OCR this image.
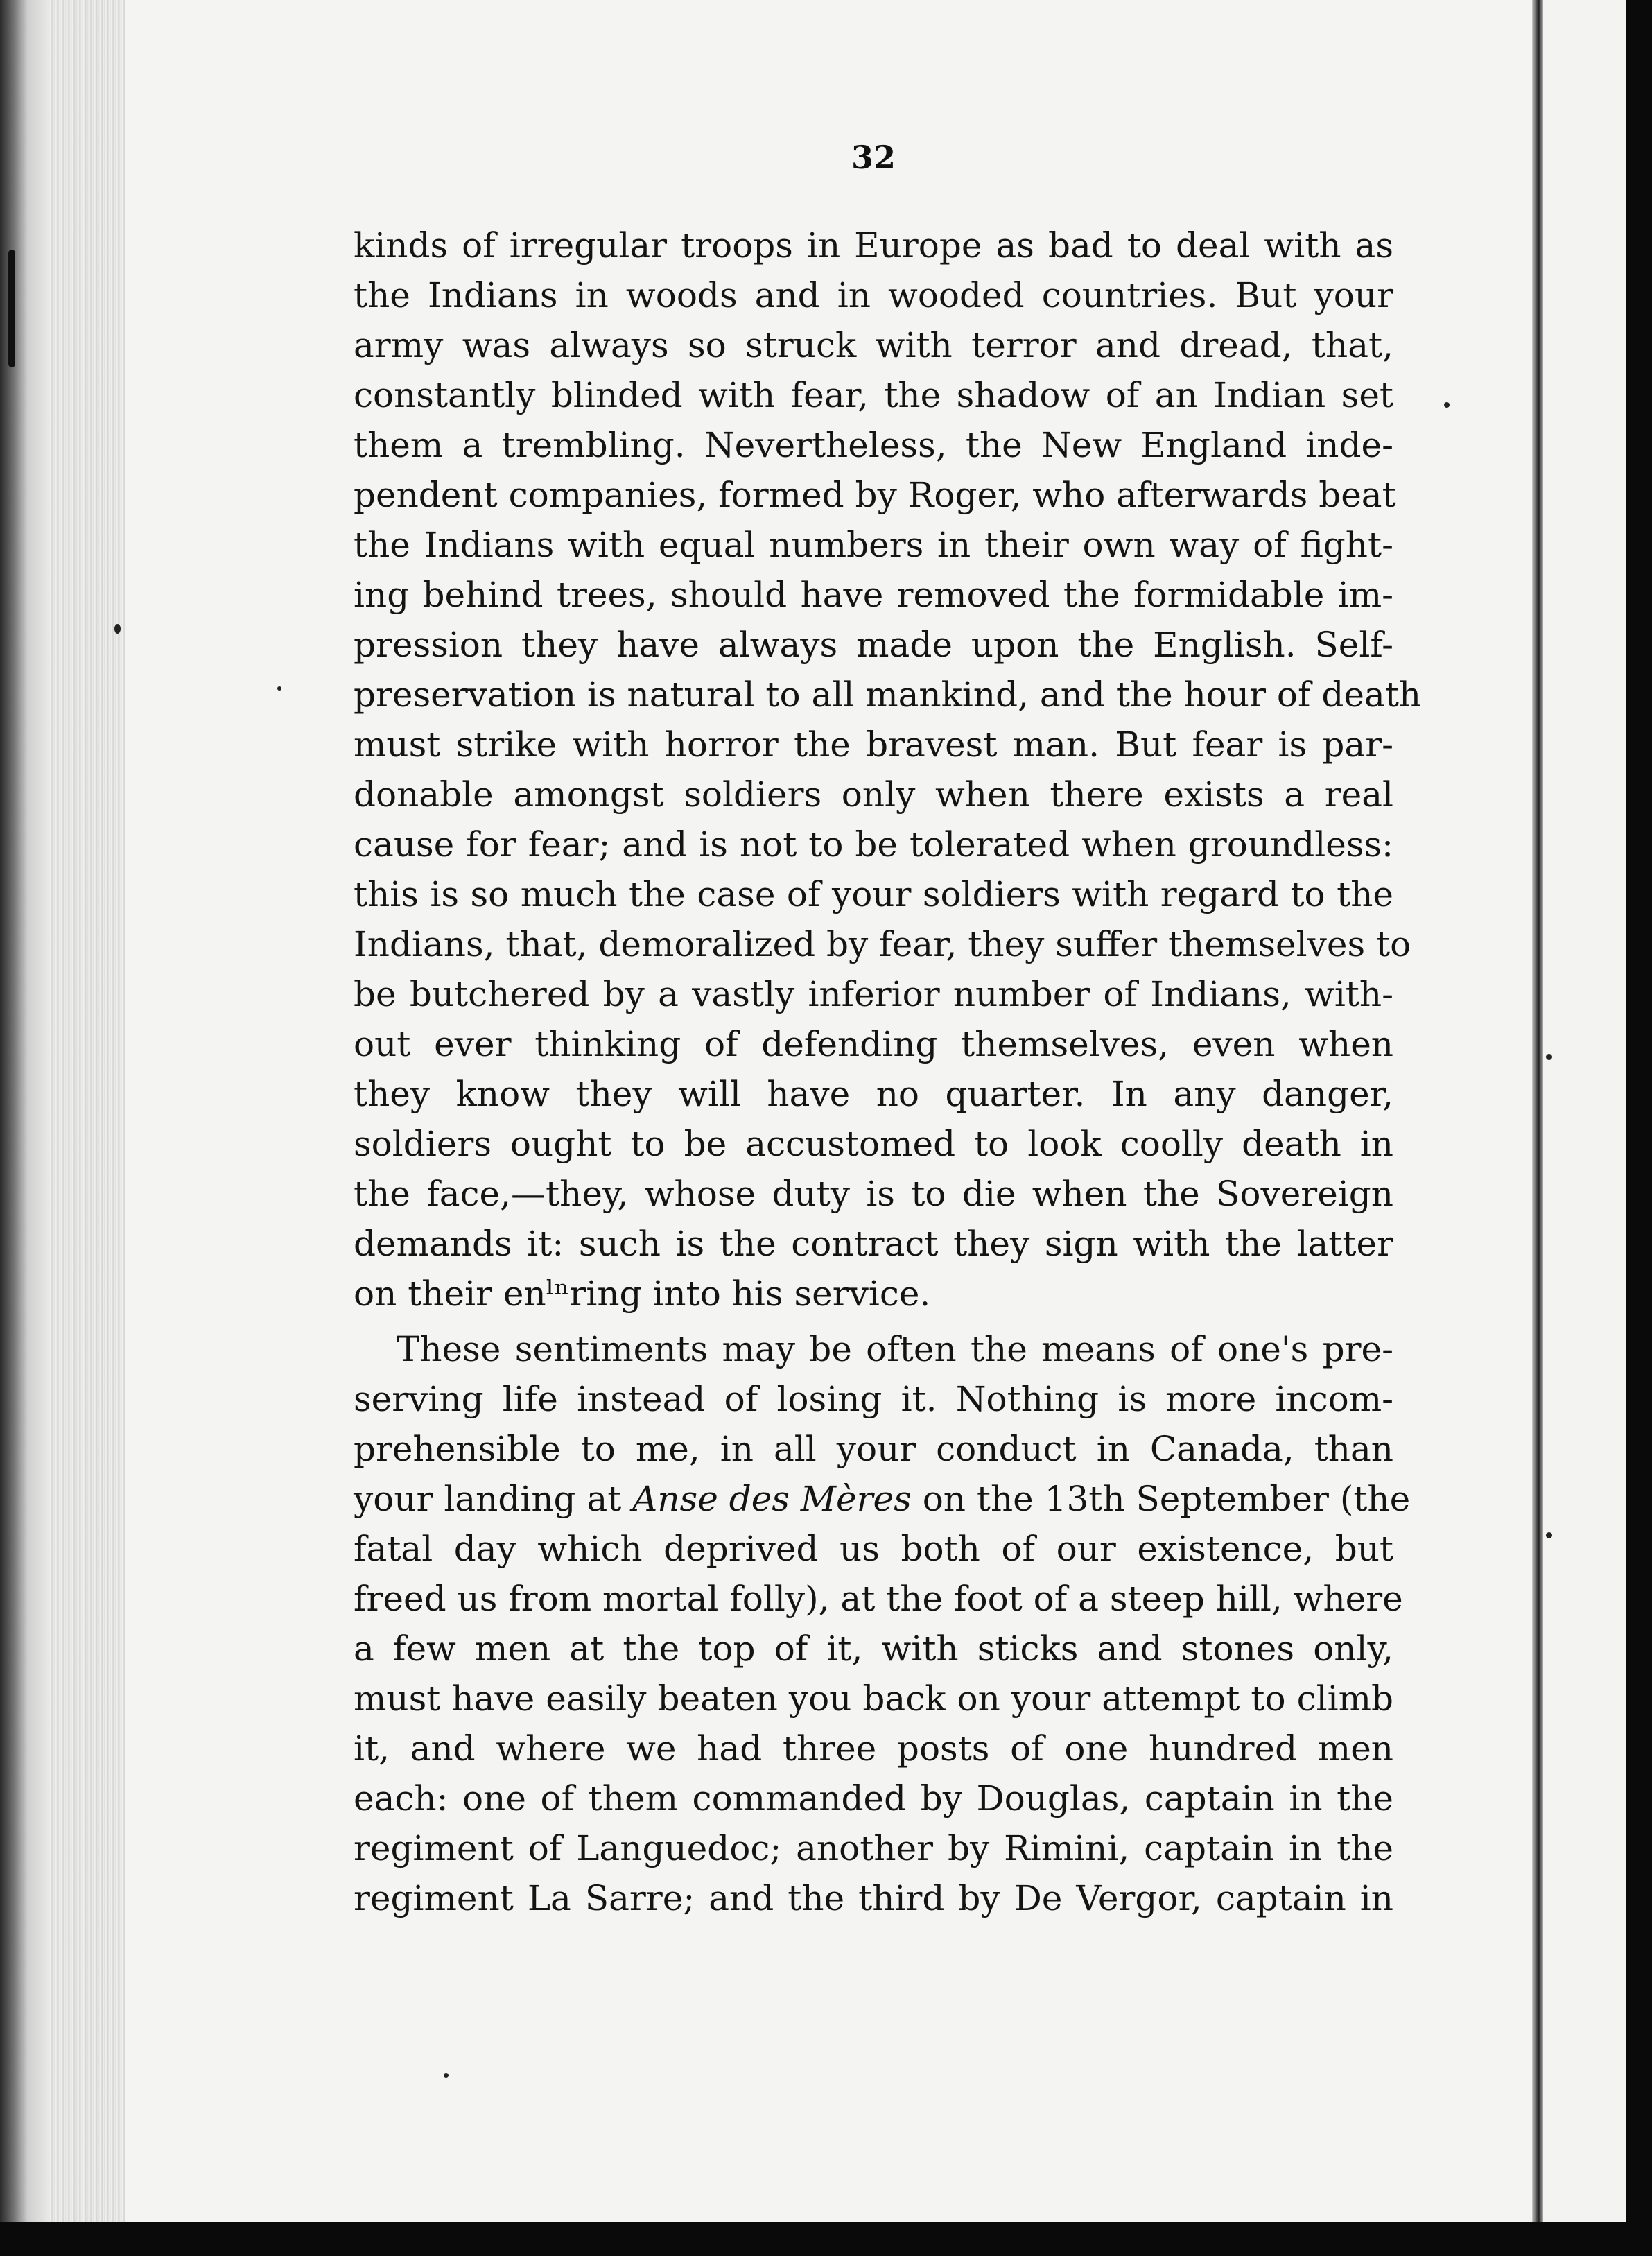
32
kinds of irregular troops in Europe as bad to deal with as
the Indians in woods and in wooded countries. But your
army was always so struck with terror and dread, that,
constantly blinded with fear, the shadow of an Indian set
them a trembling. Nevertheless, the New England inde-
pendent companies, formed by Roger, who afterwards beat
the Indians with equal numbers in their own way of fight-
ing behind trees, should have removed the formidable im-
pression they have always made upon the English. Self-
preservation is natural to all mankind, and the hour of death
must strike with horror the bravest man. But fear is par-
donable amongst soldiers only when there exists a real
cause for fear; and is not to be tolerated when groundless:
this is so much the case of your soldiers with regard to the
Indians, that, demoralized by fear, they suffer themselves to
be butchered by a vastly inferior number of Indians, with-
out ever thinking of defending themselves, even when
they know they will have no quarter. In any danger,
soldiers ought to be accustomed to look coolly death in
the face,—they, whose duty is to die when the Sovereign
demands it: such is the contract they sign with the latter
on their enˡⁿring into his service.
These sentiments may be often the means of one's pre-
serving life instead of losing it. Nothing is more incom-
prehensible to me, in all your conduct in Canada, than
your landing at Anse des Mères on the 13th September (the
fatal day which deprived us both of our existence, but
freed us from mortal folly), at the foot of a steep hill, where
a few men at the top of it, with sticks and stones only,
must have easily beaten you back on your attempt to climb
it, and where we had three posts of one hundred men
each: one of them commanded by Douglas, captain in the
regiment of Languedoc; another by Rimini, captain in the
regiment La Sarre; and the third by De Vergor, captain in
